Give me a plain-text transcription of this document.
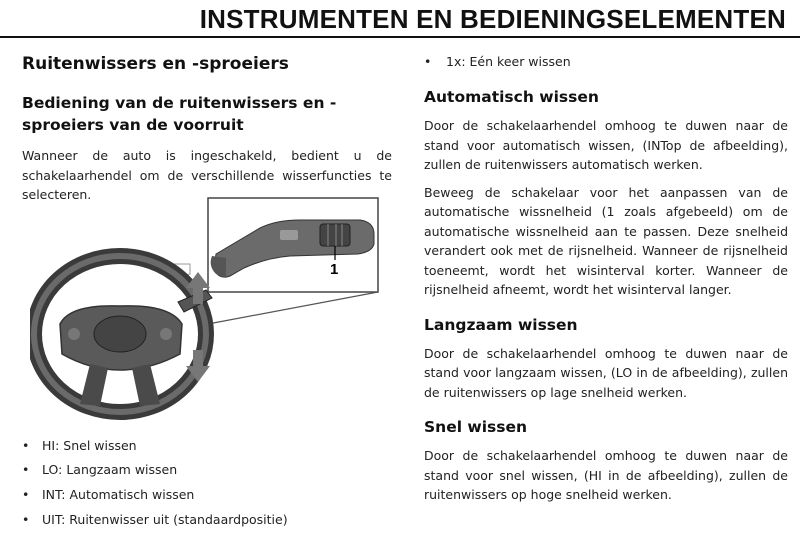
INSTRUMENTEN EN BEDIENINGSELEMENTEN
Ruitenwissers en -sproeiers
Bediening van de ruitenwissers en -sproeiers van de voorruit

Wanneer de auto is ingeschakeld, bedient u de schakelaarhendel om de verschillende wisserfuncties te selecteren.

1
• HI: Snel wissen
• LO: Langzaam wissen
• INT: Automatisch wissen
• UIT: Ruitenwisser uit (standaardpositie)
• 1x: Eén keer wissen
Automatisch wissen

Door de schakelaarhendel omhoog te duwen naar de stand voor automatisch wissen, (INTop de afbeelding), zullen de ruitenwissers automatisch werken.

Beweeg de schakelaar voor het aanpassen van de automatische wissnelheid (1 zoals afgebeeld) om de automatische wissnelheid aan te passen. Deze snelheid verandert ook met de rijsnelheid. Wanneer de rijsnelheid toeneemt, wordt het wisinterval korter. Wanneer de rijsnelheid afneemt, wordt het wisinterval langer.

Langzaam wissen

Door de schakelaarhendel omhoog te duwen naar de stand voor langzaam wissen, (LO in de afbeelding), zullen de ruitenwissers op lage snelheid werken.

Snel wissen

Door de schakelaarhendel omhoog te duwen naar de stand voor snel wissen, (HI in de afbeelding), zullen de ruitenwissers op hoge snelheid werken.
